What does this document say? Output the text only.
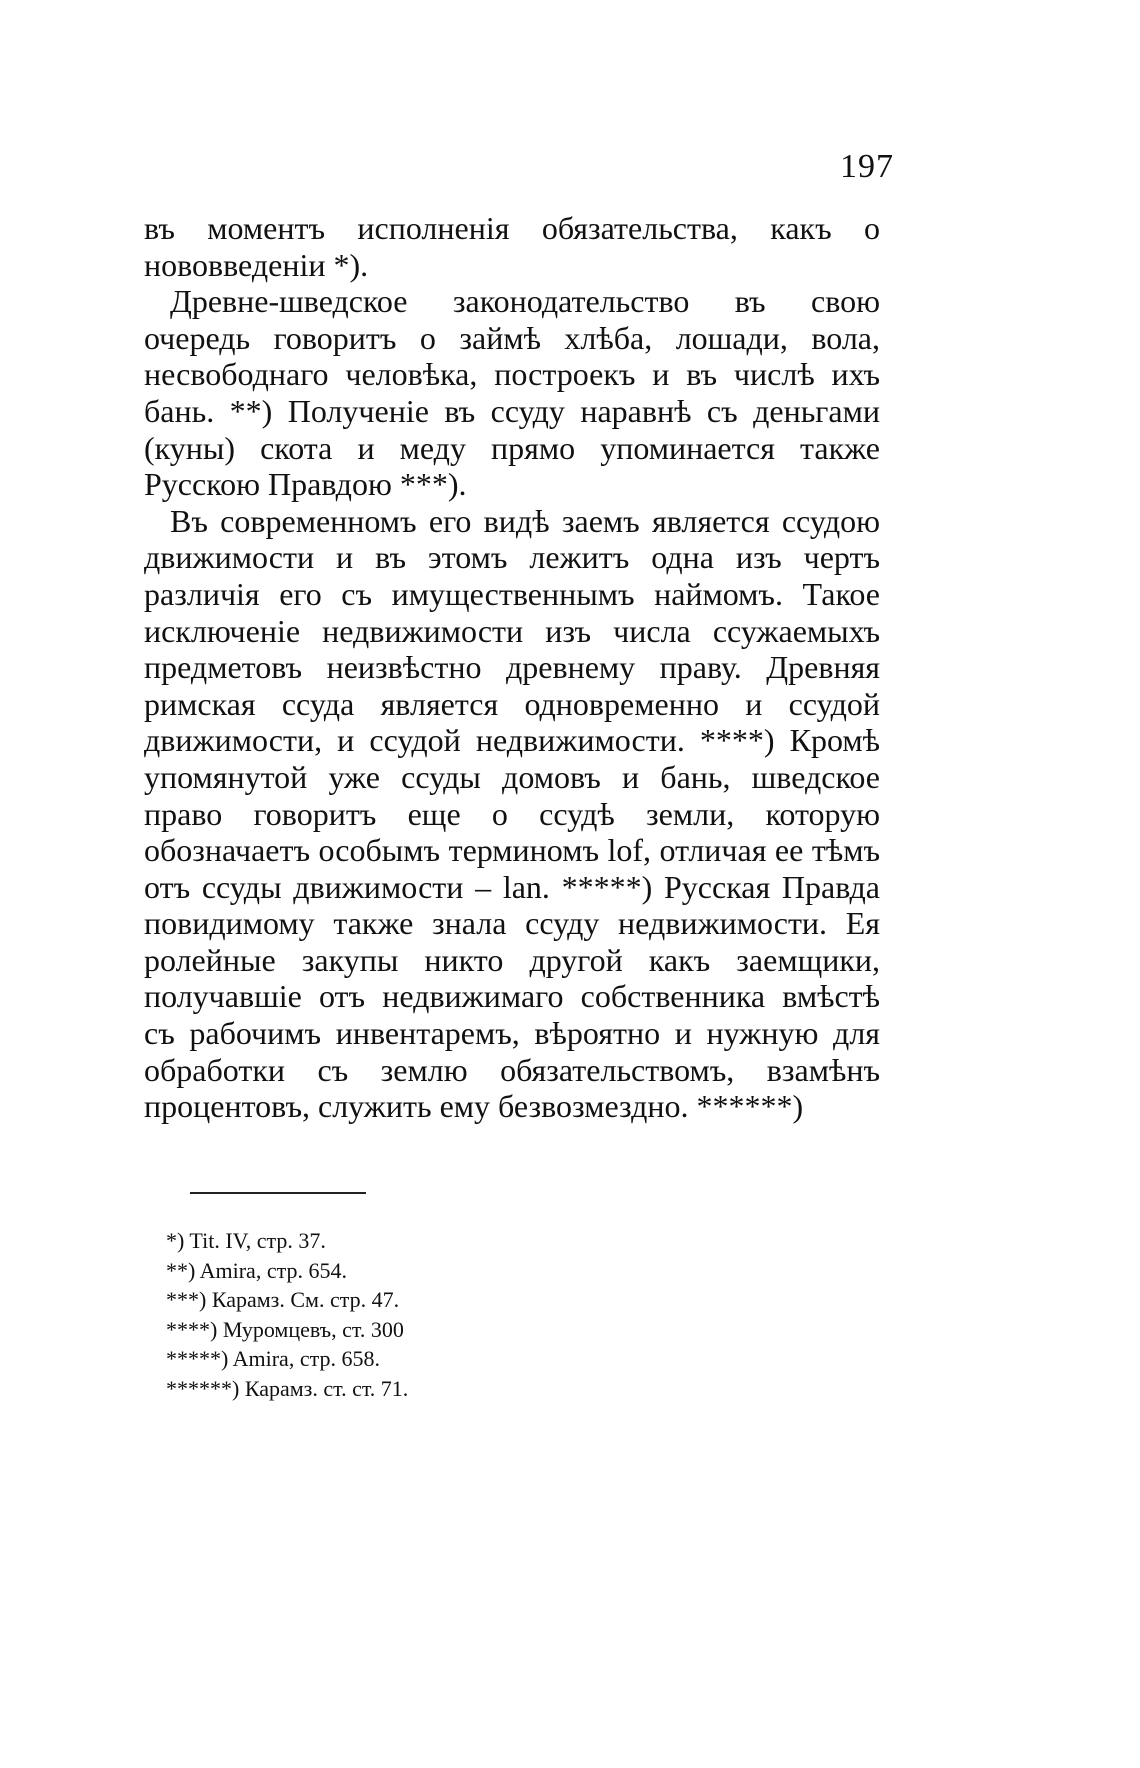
197

въ моментъ исполненія обязательства, какъ о нововведеніи *).

Древне-шведское законодательство въ свою очередь говоритъ о займѣ хлѣба, лошади, вола, несвободнаго человѣка, построекъ и въ числѣ ихъ бань. **) Полученіе въ ссуду наравнѣ съ деньгами (куны) скота и меду прямо упоминается также Русскою Правдою ***).

Въ современномъ его видѣ заемъ является ссудою движимости и въ этомъ лежитъ одна изъ чертъ различія его съ имущественнымъ наймомъ. Такое исключеніе недвижимости изъ числа ссужаемыхъ предметовъ неизвѣстно древнему праву. Древняя римская ссуда является одновременно и ссудой движимости, и ссудой недвижимости. ****) Кромѣ упомянутой уже ссуды домовъ и бань, шведское право говоритъ еще о ссудѣ земли, которую обозначаетъ особымъ терминомъ lof, отличая ее тѣмъ отъ ссуды движимости – lan. *****) Русская Правда повидимому также знала ссуду недвижимости. Ея ролейные закупы никто другой какъ заемщики, получавшіе отъ недвижимаго собственника вмѣстѣ съ рабочимъ инвентаремъ, вѣроятно и нужную для обработки съ землю обязательствомъ, взамѣнъ процентовъ, служить ему безвозмездно. ******)

*) Tit. IV, стр. 37.
**) Amira, стр. 654.
***) Карамз. См. стр. 47.
****) Муромцевъ, ст. 300
*****) Amira, стр. 658.
******) Карамз. ст. ст. 71.
